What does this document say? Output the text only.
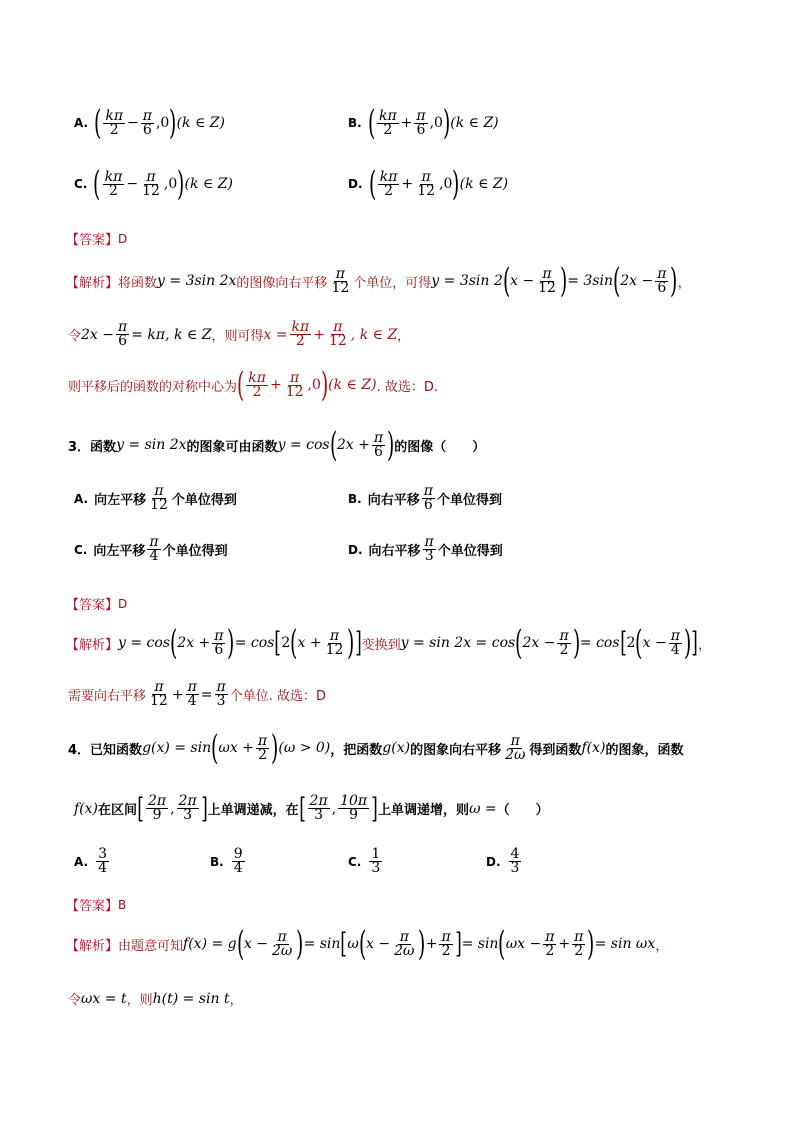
A. ( $\frac{k\pi}{2} - \frac{\pi}{6} ,0$ ) (k ∈ Z)	B. ( $\frac{k\pi}{2} + \frac{\pi}{6} ,0$ ) (k ∈ Z)
C. ( $\frac{k\pi}{2} - \frac{\pi}{12} ,0$ ) (k ∈ Z)	D. ( $\frac{k\pi}{2} + \frac{\pi}{12} ,0$ ) (k ∈ Z)
【答案】 D
【解析】 将函数 y = 3sin 2x 的图像向右平移 $\frac{\pi}{12}$ 个单位，可得 y = 3sin 2 ( $x - \frac{\pi}{12}$ ) = 3sin ( $2x - \frac{\pi}{6}$ ) ，
令 $2x - \frac{\pi}{6} = k\pi$, k ∈ Z ，则可得 $x = \frac{k\pi}{2} + \frac{\pi}{12}$ , k ∈ Z ，
则平移后的函数的对称中心为 ( $\frac{k\pi}{2} + \frac{\pi}{12} ,0$ ) (k ∈ Z) . 故选：D.
3． 函数 y = sin 2x 的图象可由函数 y = cos ( $2x + \frac{\pi}{6}$ ) 的图像（　　）
A. 向左平移 $\frac{\pi}{12}$ 个单位得到	B. 向右平移 $\frac{\pi}{6}$ 个单位得到
C. 向左平移 $\frac{\pi}{4}$ 个单位得到	D. 向右平移 $\frac{\pi}{3}$ 个单位得到
【答案】 D
【解析】 y = cos ( $2x + \frac{\pi}{6}$ ) = cos [ 2 ( $x + \frac{\pi}{12}$ ) ] 变换到 y = sin 2x = cos ( $2x - \frac{\pi}{2}$ ) = cos [ 2 ( $x - \frac{\pi}{4}$ ) ] ，
需要向右平移 $\frac{\pi}{12} + \frac{\pi}{4} = \frac{\pi}{3}$ 个单位. 故选：D
4． 已知函数 g(x) = sin ( $\omega x + \frac{\pi}{2}$ ) (ω > 0) ，把函数 g(x) 的图象向右平移 $\frac{\pi}{2\omega}$ 得到函数 f(x) 的图象，函数
f(x) 在区间 [ $\frac{2\pi}{9}$ , $\frac{2\pi}{3}$ ] 上单调递减，在 [ $\frac{2\pi}{3}$ , $\frac{10\pi}{9}$ ] 上单调递增，则 ω = （　　）
A. $\frac{3}{4}$	B. $\frac{9}{4}$	C. $\frac{1}{3}$	D. $\frac{4}{3}$
【答案】 B
【解析】 由题意可知 f(x) = g ( $x - \frac{\pi}{2\omega}$ ) = sin [ ω ( $x - \frac{\pi}{2\omega}$ ) + $\frac{\pi}{2}$ ] = sin ( $\omega x - \frac{\pi}{2} + \frac{\pi}{2}$ ) = sin ωx ，
令 ωx = t ，则 h(t) = sin t ，
